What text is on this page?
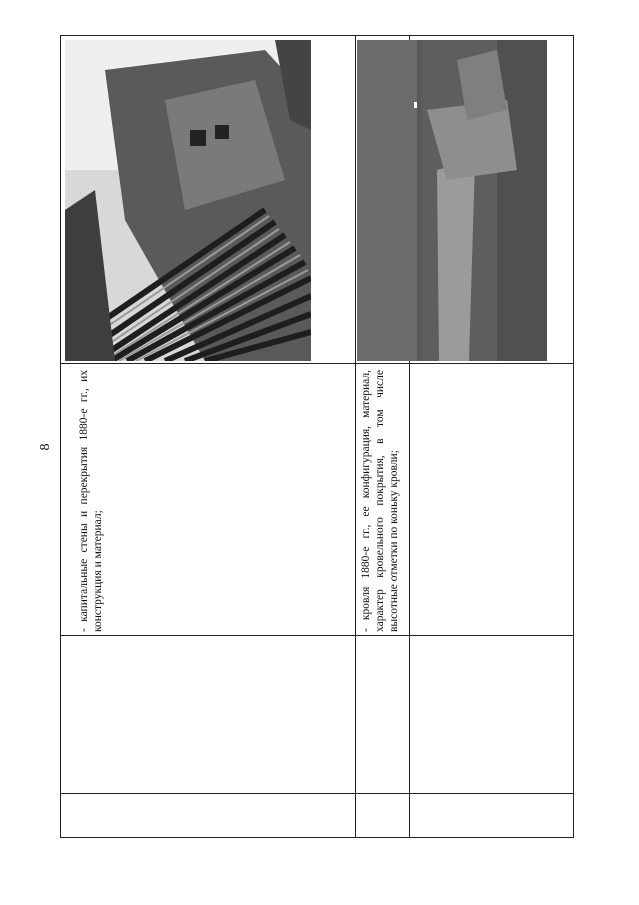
8 - капитальные стены и перекрытия 1880-е гг., их конструкция и материал;	- кровля 1880-е гг., ее конфигурация, материал, характер кровельного покрытия, в том числе высотные отметки по коньку кровли;
